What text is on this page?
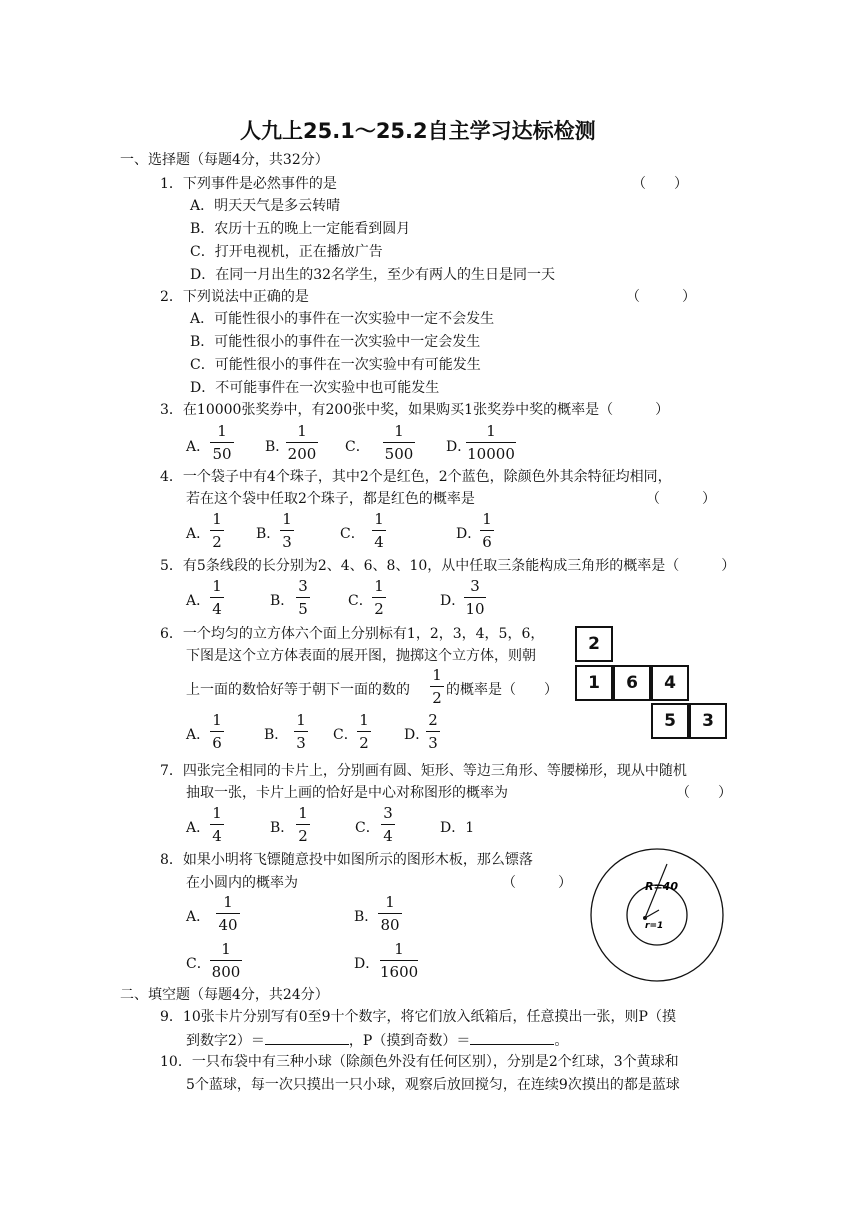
人九上25.1～25.2自主学习达标检测
一、选择题（每题4分，共32分）
1．下列事件是必然事件的是	（　　）
A．明天天气是多云转晴
B．农历十五的晚上一定能看到圆月
C．打开电视机，正在播放广告
D．在同一月出生的32名学生，至少有两人的生日是同一天
2．下列说法中正确的是	（　　　）
A．可能性很小的事件在一次实验中一定不会发生
B．可能性很小的事件在一次实验中一定会发生
C．可能性很小的事件在一次实验中有可能发生
D．不可能事件在一次实验中也可能发生
3．在10000张奖券中，有200张中奖，如果购买1张奖券中奖的概率是（　　　）
A．
1
50 B．
1
200 C．
1
500 D．
1
10000
4．一个袋子中有4个珠子，其中2个是红色，2个蓝色，除颜色外其余特征均相同，
若在这个袋中任取2个珠子，都是红色的概率是	（　　　）
A．
1
2 B．
1
3	C．
1
4	D．
1
6
5．有5条线段的长分别为2、4、6、8、10，从中任取三条能构成三角形的概率是（　　　）
A．
1
4	B．
3
5	C．
1
2	D．
3
10
6．一个均匀的立方体六个面上分别标有1，2，3，4，5，6，
下图是这个立方体表面的展开图，抛掷这个立方体，则朝
上一面的数恰好等于朝下一面的数的
1
2 的概率是（　　）
A．
1
6	B．
1
3 C．
1
2	D．
2
3
2
1	6	4
5	3
7．四张完全相同的卡片上，分别画有圆、矩形、等边三角形、等腰梯形，现从中随机
抽取一张，卡片上画的恰好是中心对称图形的概率为	（　　）
A．
1
4	B．
1
2	C．
3
4	D．1
8．如果小明将飞镖随意投中如图所示的图形木板，那么镖落
在小圆内的概率为	（　　　）
A．
1
40	B．
1
80
C．
1
800	D．
1
1600
R=40
r=1
二、填空题（每题4分，共24分）
9．10张卡片分别写有0至9十个数字，将它们放入纸箱后，任意摸出一张，则P（摸
到数字2）＝	，P（摸到奇数）＝	。
10．一只布袋中有三种小球（除颜色外没有任何区别），分别是2个红球，3个黄球和
5个蓝球，每一次只摸出一只小球，观察后放回搅匀，在连续9次摸出的都是蓝球
